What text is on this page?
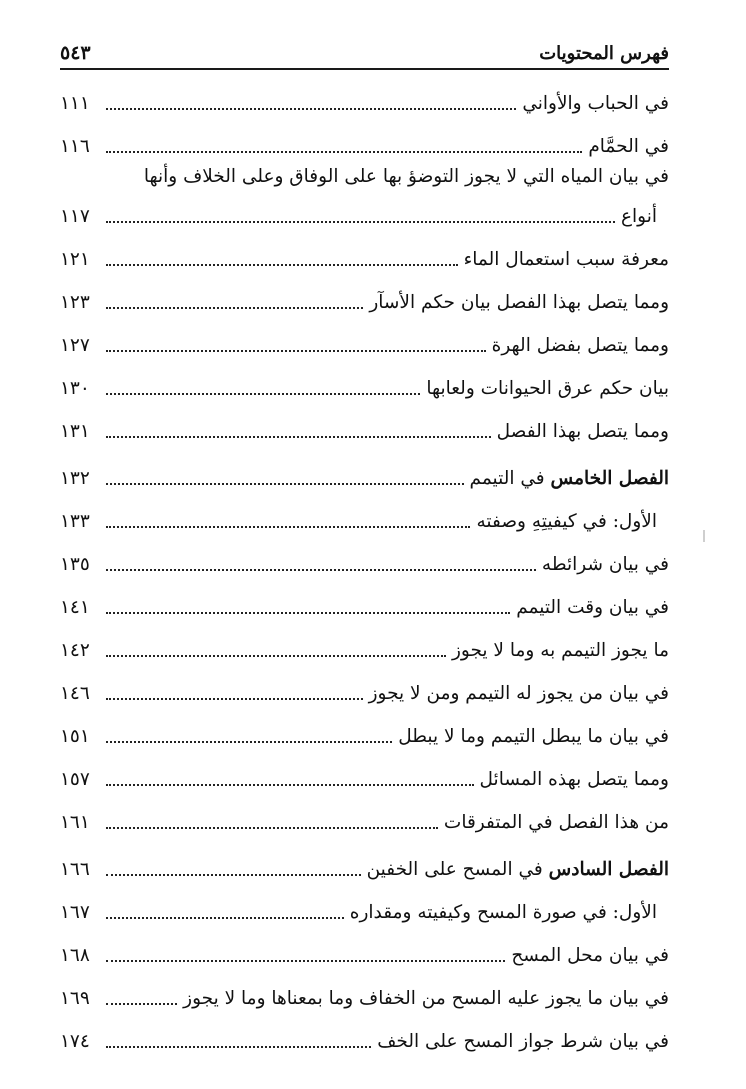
فهرس المحتويات
٥٤٣
في الحباب والأواني
١١١
في الحمَّام
١١٦
في بيان المياه التي لا يجوز التوضؤ بها على الوفاق وعلى الخلاف وأنها
أنواع
١١٧
معرفة سبب استعمال الماء
١٢١
ومما يتصل بهذا الفصل بيان حكم الأسآر
١٢٣
ومما يتصل بفضل الهرة
١٢٧
بيان حكم عرق الحيوانات ولعابها
١٣٠
ومما يتصل بهذا الفصل
١٣١
الفصل الخامس في التيمم
١٣٢
الأول: في كيفيتِهِ وصفته
١٣٣
في بيان شرائطه
١٣٥
في بيان وقت التيمم
١٤١
ما يجوز التيمم به وما لا يجوز
١٤٢
في بيان من يجوز له التيمم ومن لا يجوز
١٤٦
في بيان ما يبطل التيمم وما لا يبطل
١٥١
ومما يتصل بهذه المسائل
١٥٧
من هذا الفصل في المتفرقات
١٦١
الفصل السادس في المسح على الخفين
١٦٦
الأول: في صورة المسح وكيفيته ومقداره
١٦٧
في بيان محل المسح
١٦٨
في بيان ما يجوز عليه المسح من الخفاف وما بمعناها وما لا يجوز
١٦٩
في بيان شرط جواز المسح على الخف
١٧٤
